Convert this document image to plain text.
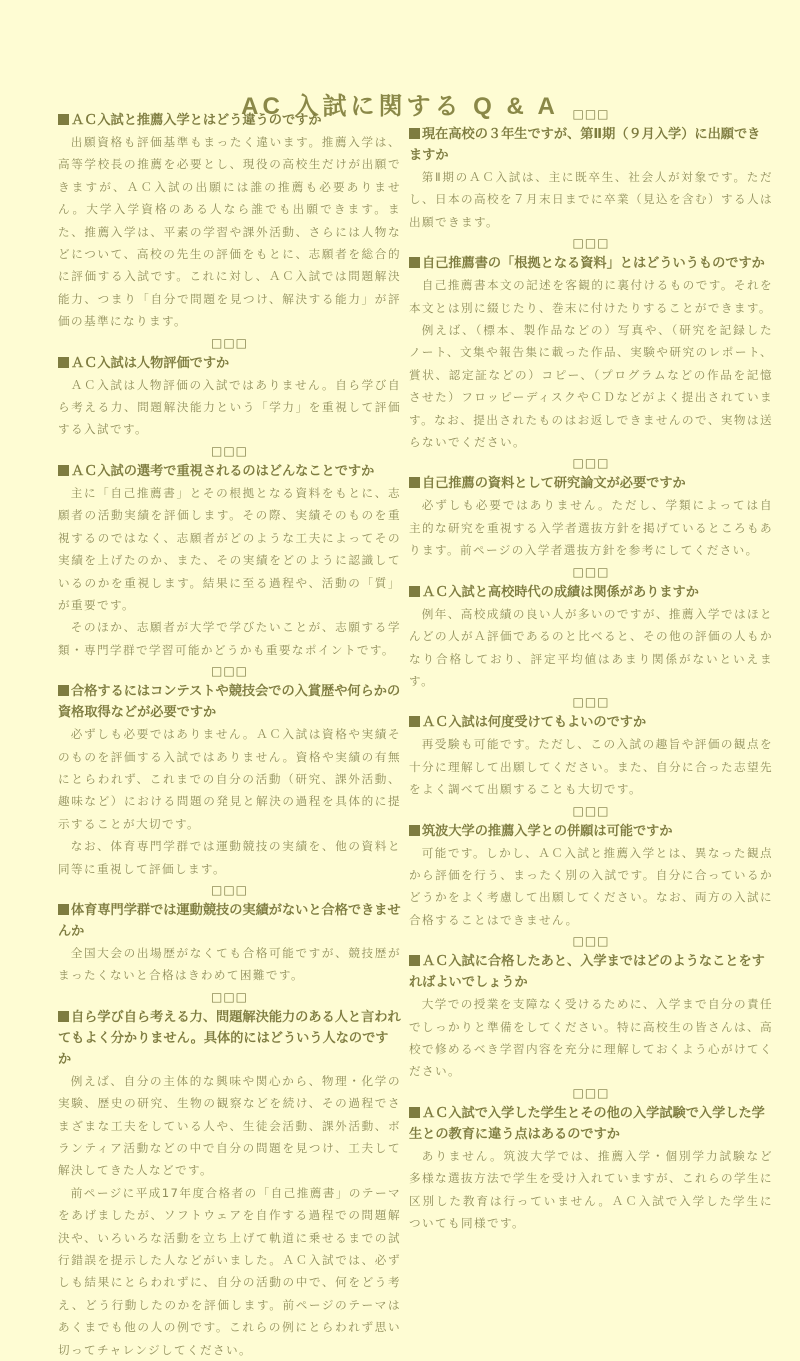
AC 入試に関する Q & A
ＡＣ入試と推薦入学とはどう違うのですか

出願資格も評価基準もまったく違います。推薦入学は、高等学校長の推薦を必要とし、現役の高校生だけが出願できますが、ＡＣ入試の出願には誰の推薦も必要ありません。大学入学資格のある人なら誰でも出願できます。また、推薦入学は、平素の学習や課外活動、さらには人物などについて、高校の先生の評価をもとに、志願者を総合的に評価する入試です。これに対し、ＡＣ入試では問題解決能力、つまり「自分で問題を見つけ、解決する能力」が評価の基準になります。

□□□
ＡＣ入試は人物評価ですか

ＡＣ入試は人物評価の入試ではありません。自ら学び自ら考える力、問題解決能力という「学力」を重視して評価する入試です。

□□□
ＡＣ入試の選考で重視されるのはどんなことですか

主に「自己推薦書」とその根拠となる資料をもとに、志願者の活動実績を評価します。その際、実績そのものを重視するのではなく、志願者がどのような工夫によってその実績を上げたのか、また、その実績をどのように認識しているのかを重視します。結果に至る過程や、活動の「質」が重要です。

そのほか、志願者が大学で学びたいことが、志願する学類・専門学群で学習可能かどうかも重要なポイントです。

□□□
合格するにはコンテストや競技会での入賞歴や何らかの資格取得などが必要ですか

必ずしも必要ではありません。ＡＣ入試は資格や実績そのものを評価する入試ではありません。資格や実績の有無にとらわれず、これまでの自分の活動（研究、課外活動、趣味など）における問題の発見と解決の過程を具体的に提示することが大切です。

なお、体育専門学群では運動競技の実績を、他の資料と同等に重視して評価します。

□□□
体育専門学群では運動競技の実績がないと合格できませんか

全国大会の出場歴がなくても合格可能ですが、競技歴がまったくないと合格はきわめて困難です。

□□□
自ら学び自ら考える力、問題解決能力のある人と言われてもよく分かりません。具体的にはどういう人なのですか

例えば、自分の主体的な興味や関心から、物理・化学の実験、歴史の研究、生物の観察などを続け、その過程でさまざまな工夫をしている人や、生徒会活動、課外活動、ボランティア活動などの中で自分の問題を見つけ、工夫して解決してきた人などです。

前ページに平成17年度合格者の「自己推薦書」のテーマをあげましたが、ソフトウェアを自作する過程での問題解決や、いろいろな活動を立ち上げて軌道に乗せるまでの試行錯誤を提示した人などがいました。ＡＣ入試では、必ずしも結果にとらわれずに、自分の活動の中で、何をどう考え、どう行動したのかを評価します。前ページのテーマはあくまでも他の人の例です。これらの例にとらわれず思い切ってチャレンジしてください。

□□□
現在高校の３年生ですが、第Ⅱ期（９月入学）に出願できますか

第Ⅱ期のＡＣ入試は、主に既卒生、社会人が対象です。ただし、日本の高校を７月末日までに卒業（見込を含む）する人は出願できます。

□□□
自己推薦書の「根拠となる資料」とはどういうものですか

自己推薦書本文の記述を客観的に裏付けるものです。それを本文とは別に綴じたり、巻末に付けたりすることができます。

例えば、（標本、製作品などの）写真や、（研究を記録したノート、文集や報告集に載った作品、実験や研究のレポート、賞状、認定証などの）コピー、（プログラムなどの作品を記憶させた）フロッピーディスクやＣＤなどがよく提出されています。なお、提出されたものはお返しできませんので、実物は送らないでください。

□□□
自己推薦の資料として研究論文が必要ですか

必ずしも必要ではありません。ただし、学類によっては自主的な研究を重視する入学者選抜方針を掲げているところもあります。前ページの入学者選抜方針を参考にしてください。

□□□
ＡＣ入試と高校時代の成績は関係がありますか

例年、高校成績の良い人が多いのですが、推薦入学ではほとんどの人がＡ評価であるのと比べると、その他の評価の人もかなり合格しており、評定平均値はあまり関係がないといえます。

□□□
ＡＣ入試は何度受けてもよいのですか

再受験も可能です。ただし、この入試の趣旨や評価の観点を十分に理解して出願してください。また、自分に合った志望先をよく調べて出願することも大切です。

□□□
筑波大学の推薦入学との併願は可能ですか

可能です。しかし、ＡＣ入試と推薦入学とは、異なった観点から評価を行う、まったく別の入試です。自分に合っているかどうかをよく考慮して出願してください。なお、両方の入試に合格することはできません。

□□□
ＡＣ入試に合格したあと、入学まではどのようなことをすればよいでしょうか

大学での授業を支障なく受けるために、入学まで自分の責任でしっかりと準備をしてください。特に高校生の皆さんは、高校で修めるべき学習内容を充分に理解しておくよう心がけてください。

□□□
ＡＣ入試で入学した学生とその他の入学試験で入学した学生との教育に違う点はあるのですか

ありません。筑波大学では、推薦入学・個別学力試験など多様な選抜方法で学生を受け入れていますが、これらの学生に区別した教育は行っていません。ＡＣ入試で入学した学生についても同様です。
